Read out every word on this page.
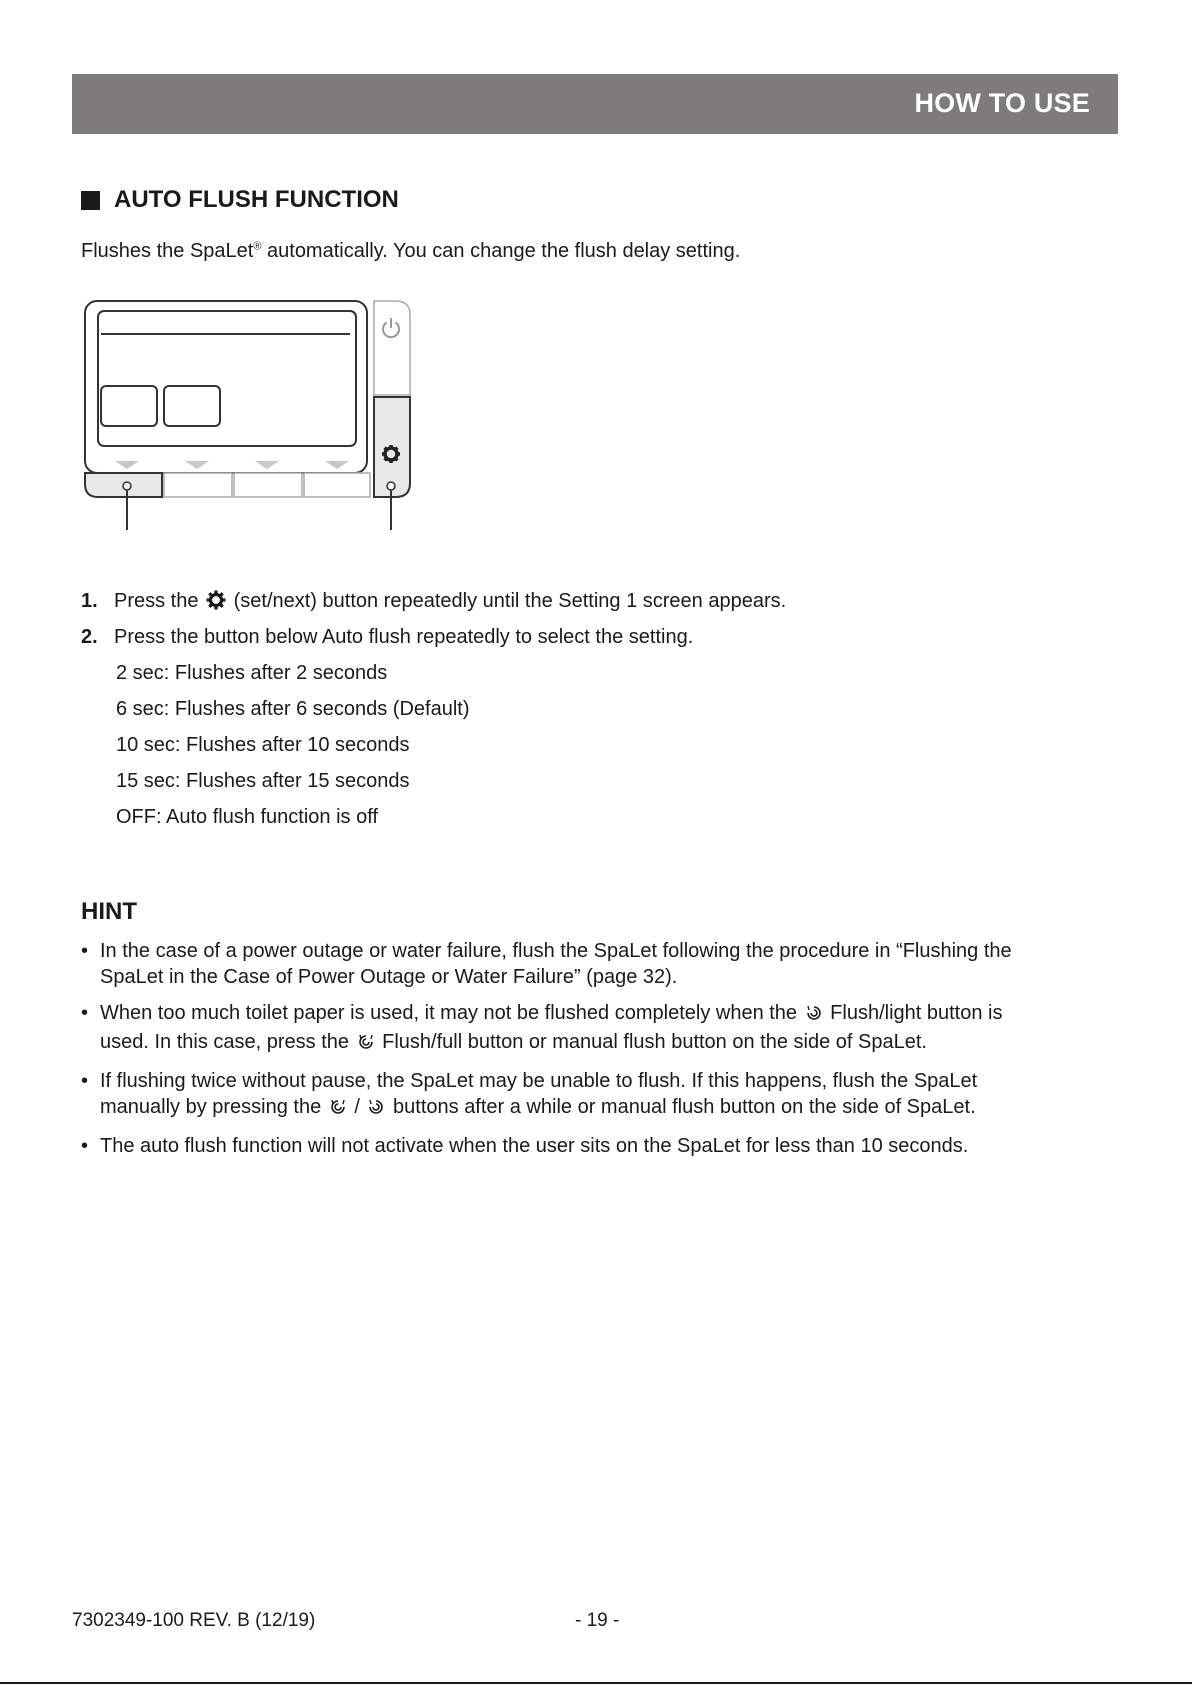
HOW TO USE
AUTO FLUSH FUNCTION
Flushes the SpaLet® automatically. You can change the flush delay setting.
1. Press the  (set/next) button repeatedly until the Setting 1 screen appears.
2. Press the button below Auto flush repeatedly to select the setting.
2 sec: Flushes after 2 seconds
6 sec: Flushes after 6 seconds (Default)
10 sec: Flushes after 10 seconds
15 sec: Flushes after 15 seconds
OFF: Auto flush function is off
HINT
• In the case of a power outage or water failure, flush the SpaLet following the procedure in “Flushing the
SpaLet in the Case of Power Outage or Water Failure” (page 32).
• When too much toilet paper is used, it may not be flushed completely when the  Flush/light button is
used. In this case, press the  Flush/full button or manual flush button on the side of SpaLet.
• If flushing twice without pause, the SpaLet may be unable to flush. If this happens, flush the SpaLet
manually by pressing the  /  buttons after a while or manual flush button on the side of SpaLet.
• The auto flush function will not activate when the user sits on the SpaLet for less than 10 seconds.
7302349-100 REV. B (12/19)	- 19 -
